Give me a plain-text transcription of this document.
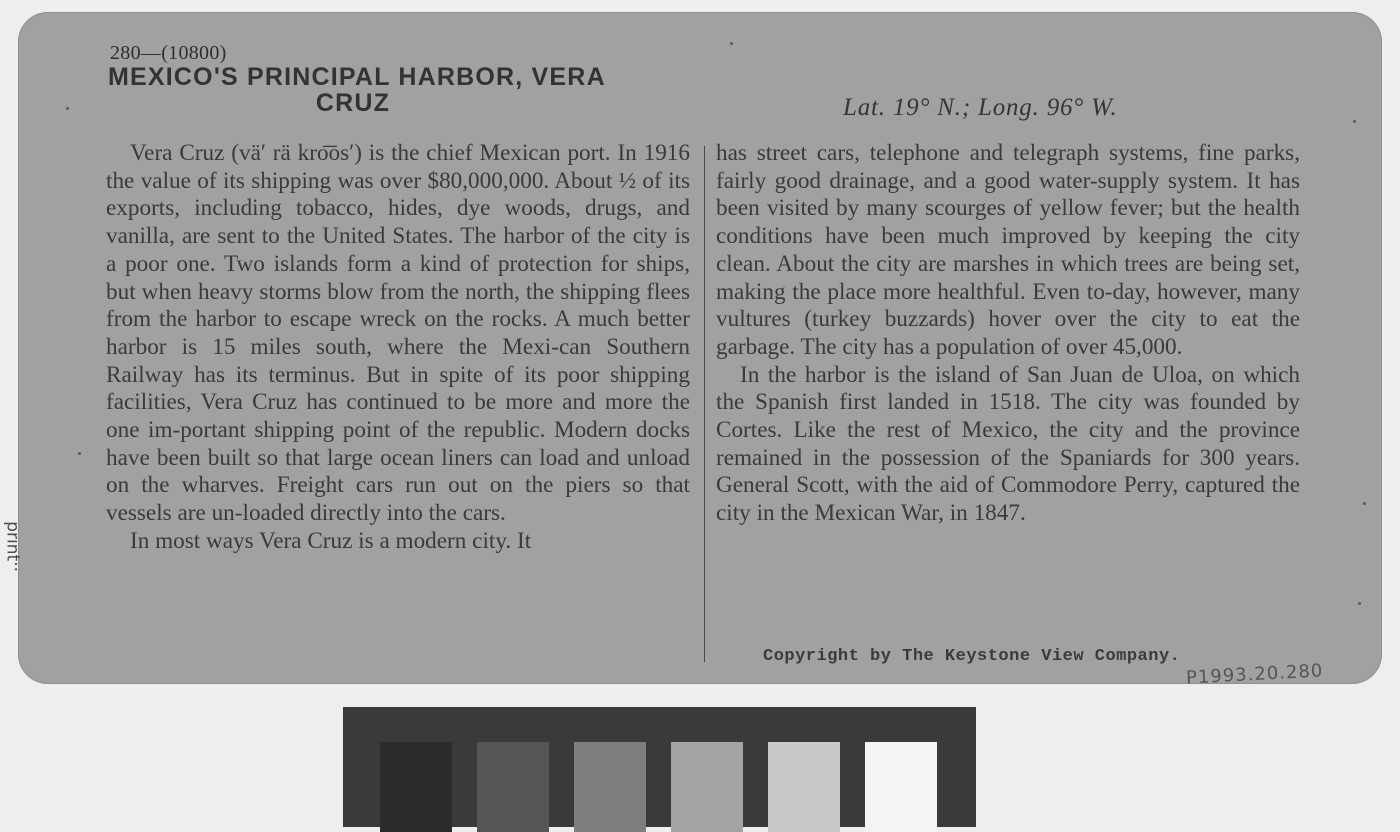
280—(10800)
MEXICO'S PRINCIPAL HARBOR, VERA
CRUZ	Lat. 19° N.; Long. 96° W.

Vera Cruz (vä′ rä kro͞os′) is the chief Mexican port. In 1916 the value of its shipping was over $80,000,000. About ½ of its exports, including tobacco, hides, dye woods, drugs, and vanilla, are sent to the United States. The harbor of the city is a poor one. Two islands form a kind of protection for ships, but when heavy storms blow from the north, the shipping flees from the harbor to escape wreck on the rocks. A much better harbor is 15 miles south, where the Mexi-can Southern Railway has its terminus. But in spite of its poor shipping facilities, Vera Cruz has continued to be more and more the one im-portant shipping point of the republic. Modern docks have been built so that large ocean liners can load and unload on the wharves. Freight cars run out on the piers so that vessels are un-loaded directly into the cars.

In most ways Vera Cruz is a modern city. It

has street cars, telephone and telegraph systems, fine parks, fairly good drainage, and a good water-supply system. It has been visited by many scourges of yellow fever; but the health conditions have been much improved by keeping the city clean. About the city are marshes in which trees are being set, making the place more healthful. Even to-day, however, many vultures (turkey buzzards) hover over the city to eat the garbage. The city has a population of over 45,000.

In the harbor is the island of San Juan de Uloa, on which the Spanish first landed in 1518. The city was founded by Cortes. Like the rest of Mexico, the city and the province remained in the possession of the Spaniards for 300 years. General Scott, with the aid of Commodore Perry, captured the city in the Mexican War, in 1847.

Copyright by The Keystone View Company.
P1993.20.280
..ʇuıɹd
